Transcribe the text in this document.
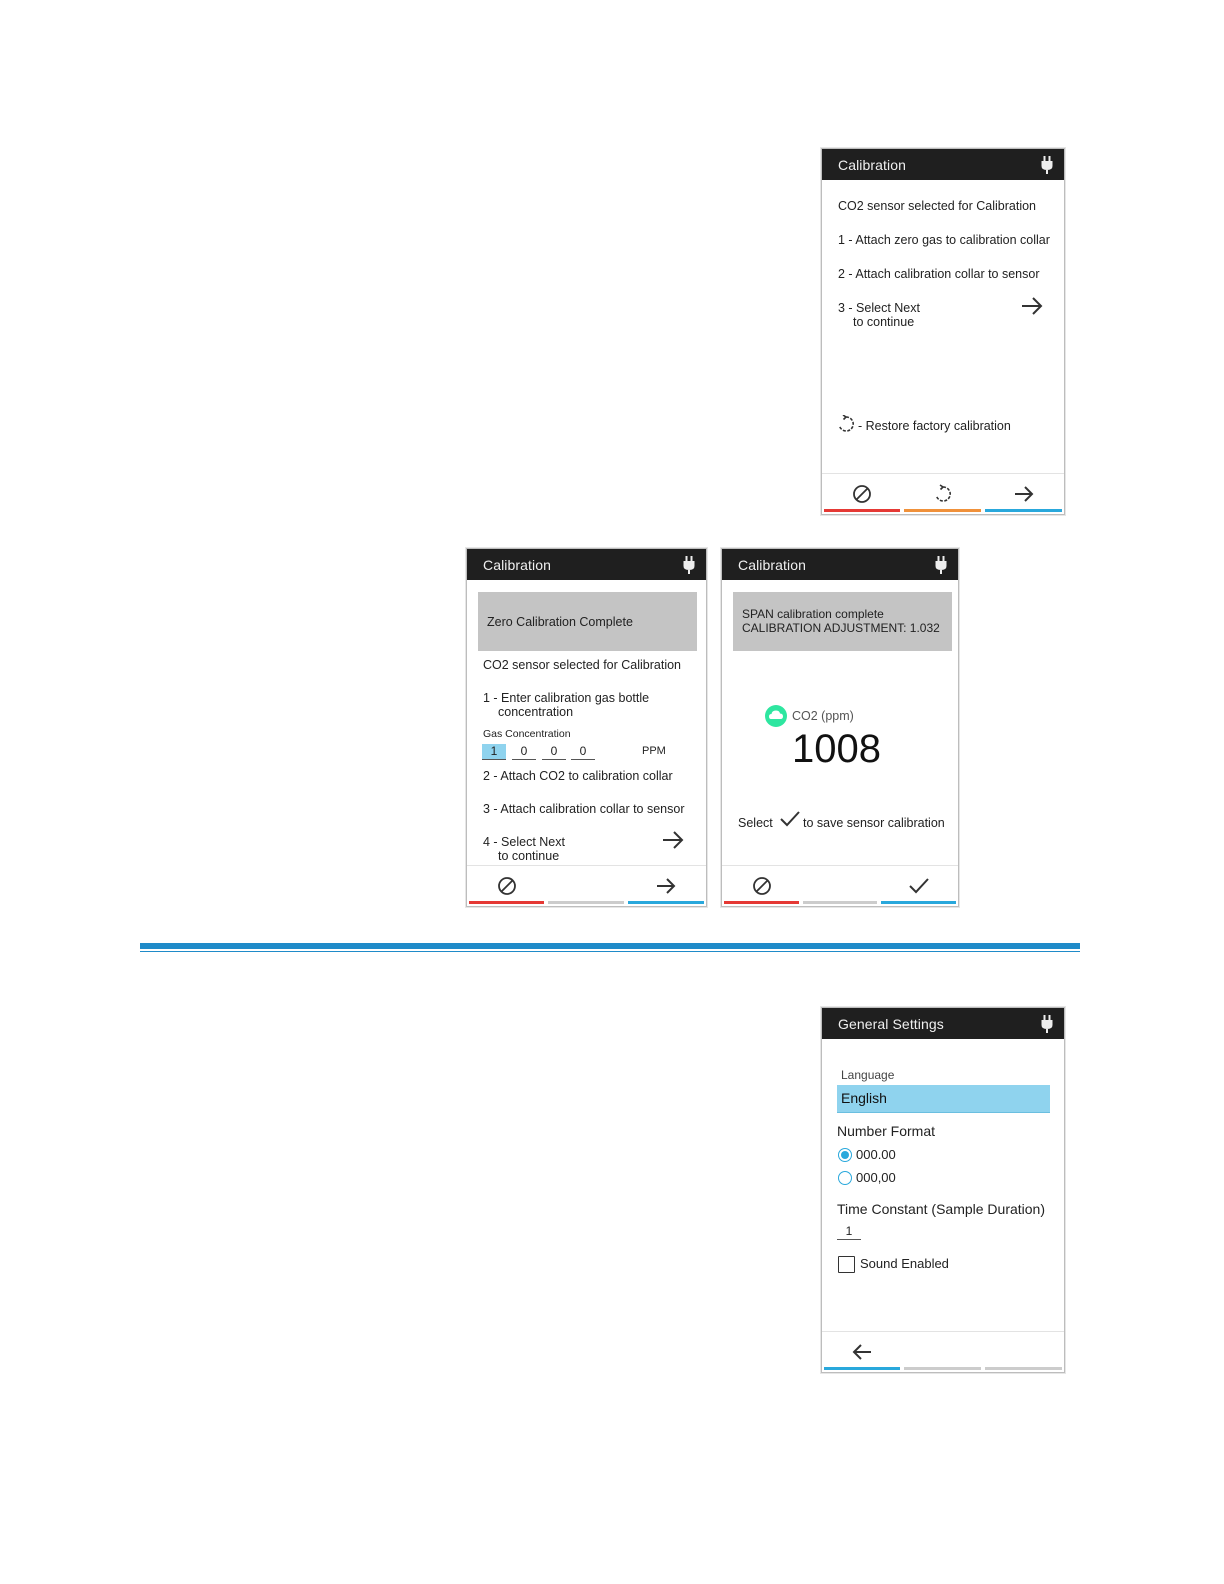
Calibration
CO2 sensor selected for Calibration
1 - Attach zero gas to calibration collar
2 - Attach calibration collar to sensor
3 - Select Next
to continue
- Restore factory calibration
Calibration
Zero Calibration Complete
CO2 sensor selected for Calibration
1 - Enter calibration gas bottle
concentration
Gas Concentration
1	0	0	0	PPM
2 - Attach CO2 to calibration collar
3 - Attach calibration collar to sensor
4 - Select Next
to continue
Calibration
SPAN calibration complete
CALIBRATION ADJUSTMENT: 1.032
CO2 (ppm)
1008
Select to save sensor calibration
General Settings
Language
English
Number Format
000.00
000,00
Time Constant (Sample Duration)
1
Sound Enabled
